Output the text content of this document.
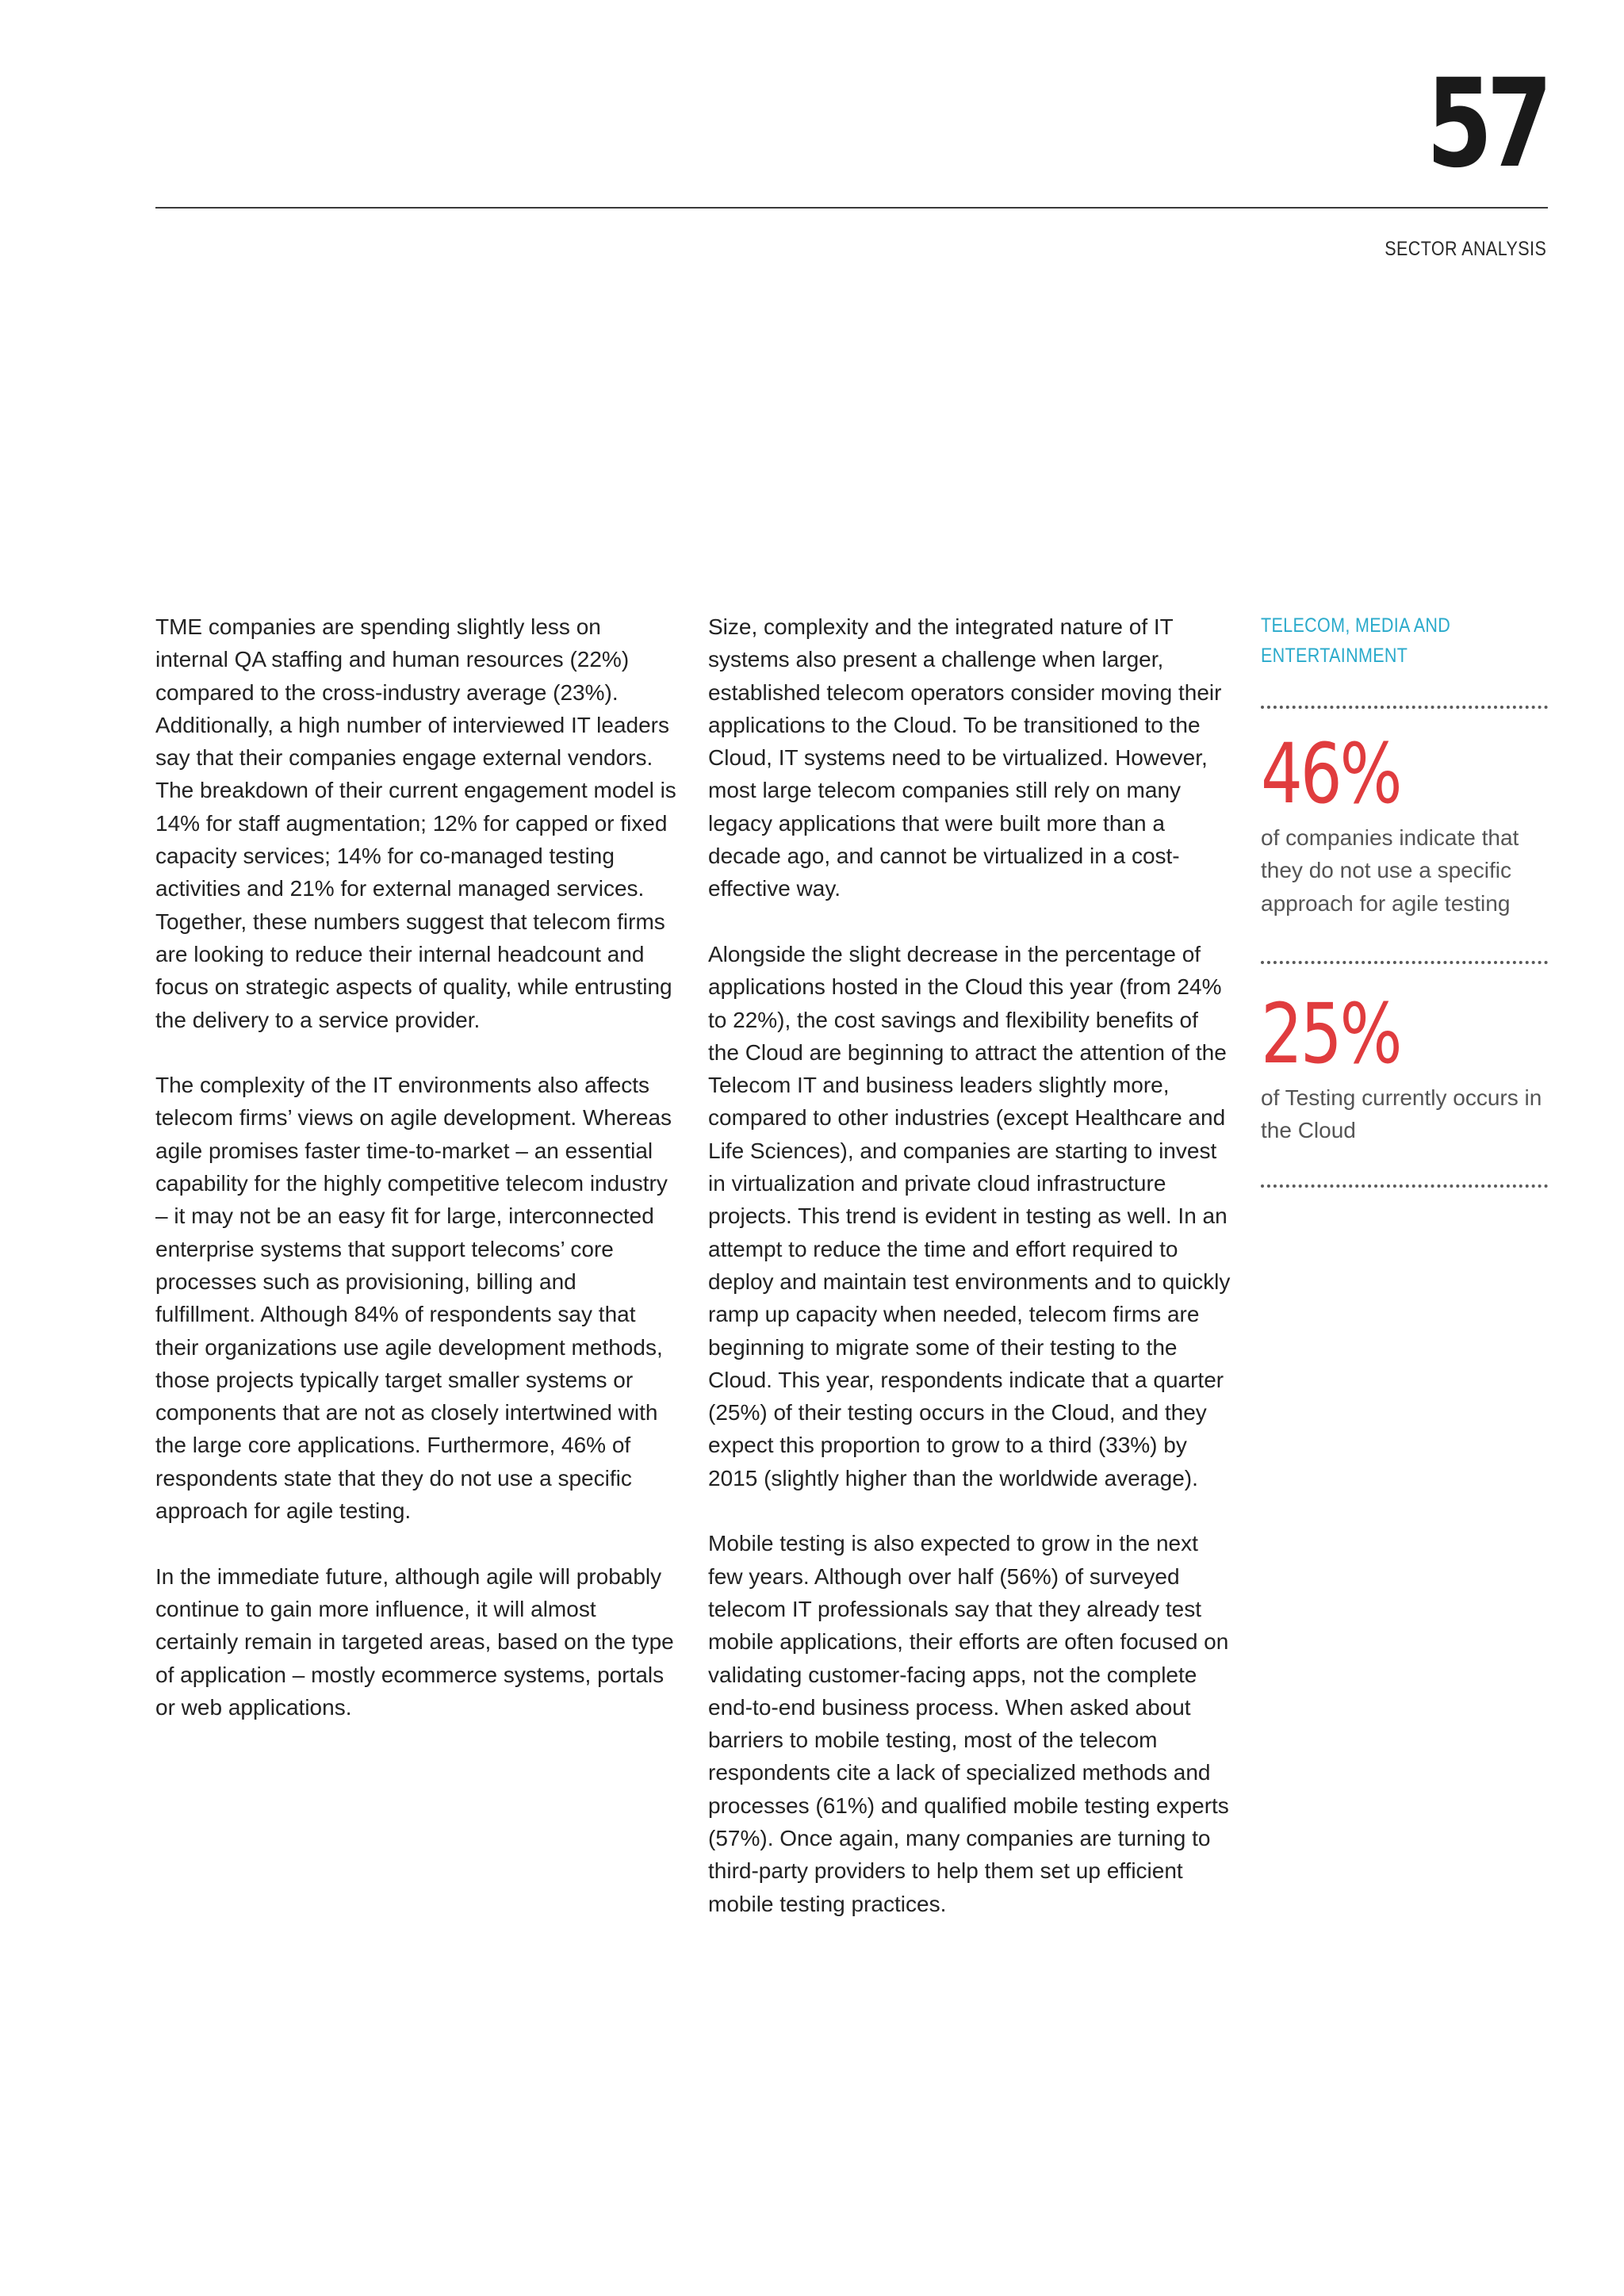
57
SECTOR ANALYSIS

TME companies are spending slightly less on internal QA staffing and human resources (22%) compared to the cross-industry average (23%). Additionally, a high number of interviewed IT leaders say that their companies engage external vendors. The breakdown of their current engagement model is 14% for staff augmentation; 12% for capped or fixed capacity services; 14% for co-managed testing activities and 21% for external managed services. Together, these numbers suggest that telecom firms are looking to reduce their internal headcount and focus on strategic aspects of quality, while entrusting the delivery to a service provider.

The complexity of the IT environments also affects telecom firms’ views on agile development. Whereas agile promises faster time-to-market – an essential capability for the highly competitive telecom industry – it may not be an easy fit for large, interconnected enterprise systems that support telecoms’ core processes such as provisioning, billing and fulfillment. Although 84% of respondents say that their organizations use agile development methods, those projects typically target smaller systems or components that are not as closely intertwined with the large core applications. Furthermore, 46% of respondents state that they do not use a specific approach for agile testing.

In the immediate future, although agile will probably continue to gain more influence, it will almost certainly remain in targeted areas, based on the type of application – mostly ecommerce systems, portals or web applications.

Size, complexity and the integrated nature of IT systems also present a challenge when larger, established telecom operators consider moving their applications to the Cloud. To be transitioned to the Cloud, IT systems need to be virtualized. However, most large telecom companies still rely on many legacy applications that were built more than a decade ago, and cannot be virtualized in a cost-effective way.

Alongside the slight decrease in the percentage of applications hosted in the Cloud this year (from 24% to 22%), the cost savings and flexibility benefits of the Cloud are beginning to attract the attention of the Telecom IT and business leaders slightly more, compared to other industries (except Healthcare and Life Sciences), and companies are starting to invest in virtualization and private cloud infrastructure projects. This trend is evident in testing as well. In an attempt to reduce the time and effort required to deploy and maintain test environments and to quickly ramp up capacity when needed, telecom firms are beginning to migrate some of their testing to the Cloud. This year, respondents indicate that a quarter (25%) of their testing occurs in the Cloud, and they expect this proportion to grow to a third (33%) by 2015 (slightly higher than the worldwide average).

Mobile testing is also expected to grow in the next few years. Although over half (56%) of surveyed telecom IT professionals say that they already test mobile applications, their efforts are often focused on validating customer-facing apps, not the complete end-to-end business process. When asked about barriers to mobile testing, most of the telecom respondents cite a lack of specialized methods and processes (61%) and qualified mobile testing experts (57%). Once again, many companies are turning to third-party providers to help them set up efficient mobile testing practices.

TELECOM, MEDIA AND ENTERTAINMENT
46%
of companies indicate that they do not use a specific approach for agile testing
25%
of Testing currently occurs in the Cloud
